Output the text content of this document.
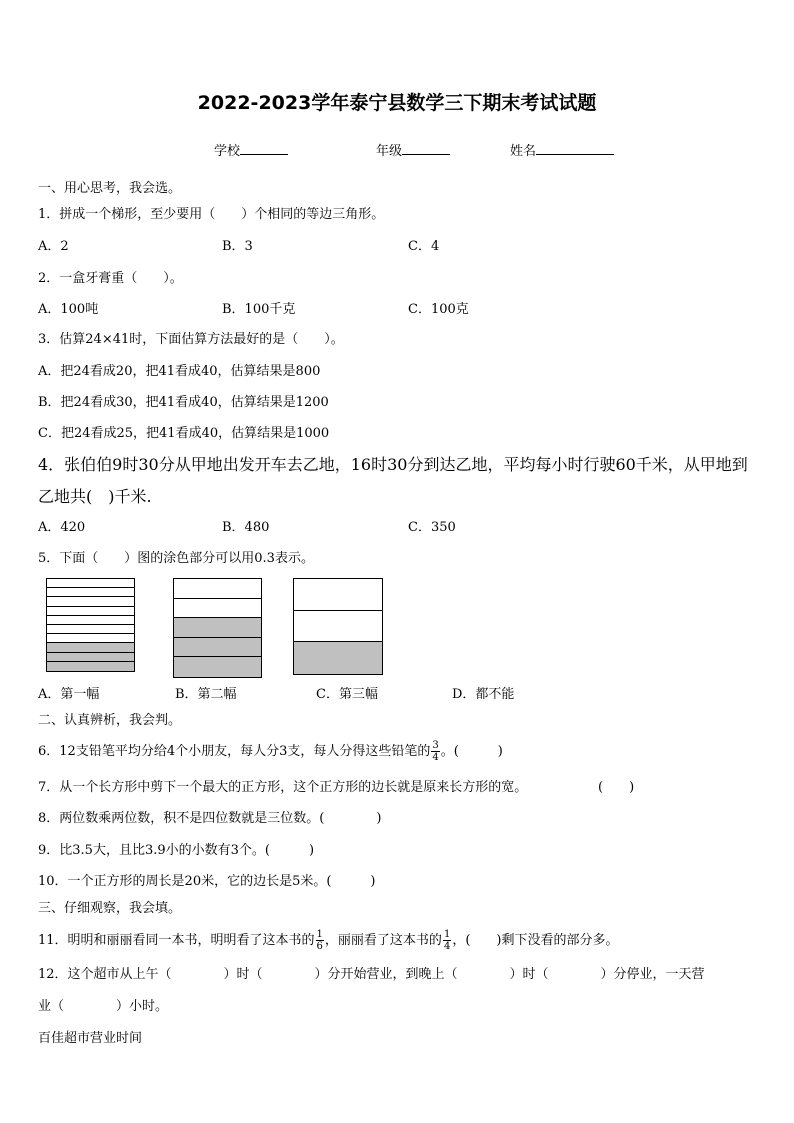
2022-2023学年泰宁县数学三下期末考试试题
学校	年级	姓名
一、用心思考，我会选。
1．拼成一个梯形，至少要用（　　）个相同的等边三角形。
A．2	B．3	C．4
2．一盒牙膏重（　　）。
A．100吨	B．100千克	C．100克
3．估算24×41时，下面估算方法最好的是（　　）。
A．把24看成20，把41看成40，估算结果是800
B．把24看成30，把41看成40，估算结果是1200
C．把24看成25，把41看成40，估算结果是1000
4．张伯伯9时30分从甲地出发开车去乙地，16时30分到达乙地，平均每小时行驶60千米，从甲地到
乙地共(　)千米.
A．420	B．480	C．350
5．下面（　　）图的涂色部分可以用0.3表示。
A．第一幅	B．第二幅	C．第三幅	D．都不能
二、认真辨析，我会判。
6．12支铅笔平均分给4个小朋友，每人分3支，每人分得这些铅笔的 $\frac{3}{4}$ 。(　　　)
7．从一个长方形中剪下一个最大的正方形，这个正方形的边长就是原来长方形的宽。	(　　)
8．两位数乘两位数，积不是四位数就是三位数。(　　　　)
9．比3.5大，且比3.9小的小数有3个。(　　　)
10．一个正方形的周长是20米，它的边长是5米。(　　　)
三、仔细观察，我会填。
11．明明和丽丽看同一本书，明明看了这本书的 $\frac{1}{6}$ ，丽丽看了这本书的 $\frac{1}{4}$ ，(　　)剩下没看的部分多。
12．这个超市从上午（　　　　）时（　　　　）分开始营业，到晚上（　　　　）时（　　　　）分停业，一天营
业（　　　　）小时。
百佳超市营业时间
